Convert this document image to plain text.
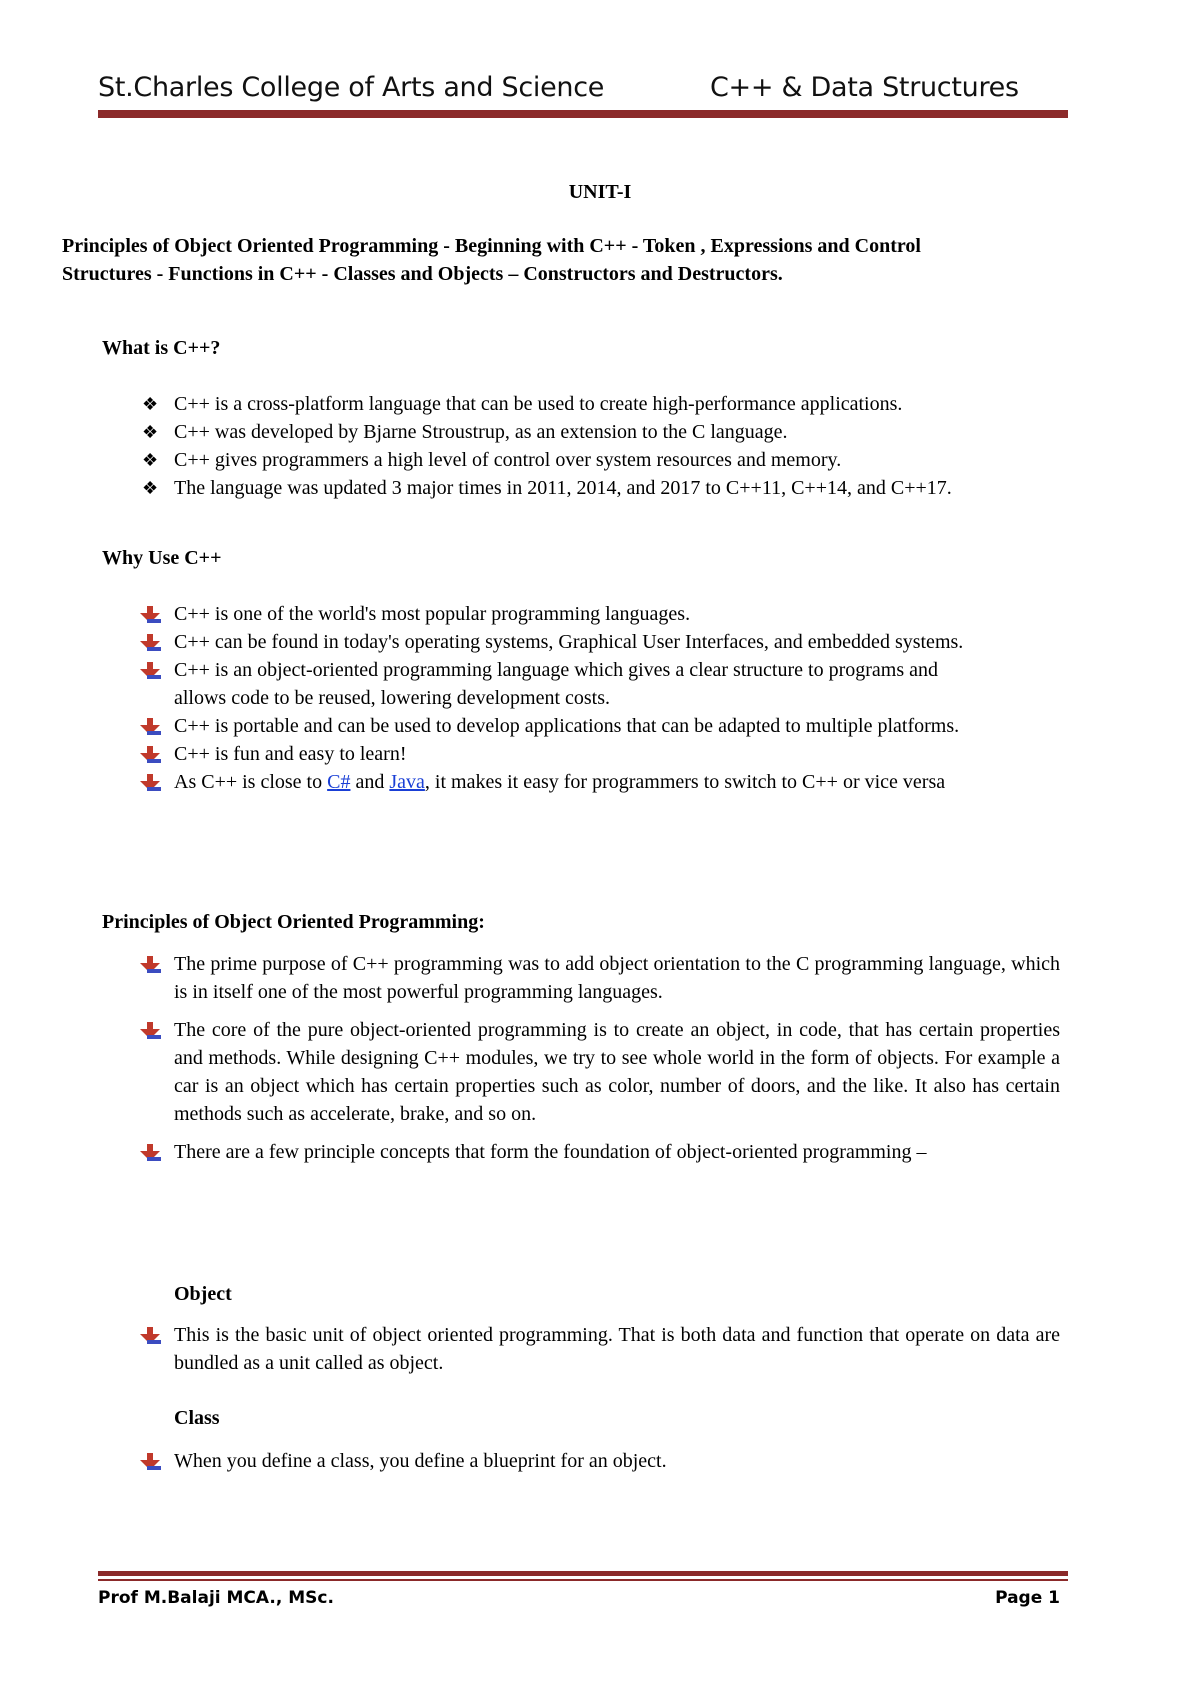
St.Charles College of Arts and Science	C++ & Data Structures
UNIT-I
Principles of Object Oriented Programming - Beginning with C++ - Token , Expressions and Control
Structures - Functions in C++ - Classes and Objects – Constructors and Destructors.
What is C++?
❖ C++ is a cross-platform language that can be used to create high-performance applications.
❖ C++ was developed by Bjarne Stroustrup, as an extension to the C language.
❖ C++ gives programmers a high level of control over system resources and memory.
❖ The language was updated 3 major times in 2011, 2014, and 2017 to C++11, C++14, and C++17.
Why Use C++
C++ is one of the world's most popular programming languages.
C++ can be found in today's operating systems, Graphical User Interfaces, and embedded systems.
C++ is an object-oriented programming language which gives a clear structure to programs and allows code to be reused, lowering development costs.
C++ is portable and can be used to develop applications that can be adapted to multiple platforms.
C++ is fun and easy to learn!
As C++ is close to C# and Java, it makes it easy for programmers to switch to C++ or vice versa
Principles of Object Oriented Programming:
The prime purpose of C++ programming was to add object orientation to the C programming language, which is in itself one of the most powerful programming languages.
The core of the pure object-oriented programming is to create an object, in code, that has certain properties and methods. While designing C++ modules, we try to see whole world in the form of objects. For example a car is an object which has certain properties such as color, number of doors, and the like. It also has certain methods such as accelerate, brake, and so on.
There are a few principle concepts that form the foundation of object-oriented programming –
Object
This is the basic unit of object oriented programming. That is both data and function that operate on data are bundled as a unit called as object.
Class
When you define a class, you define a blueprint for an object.
Prof M.Balaji MCA., MSc.	Page 1
